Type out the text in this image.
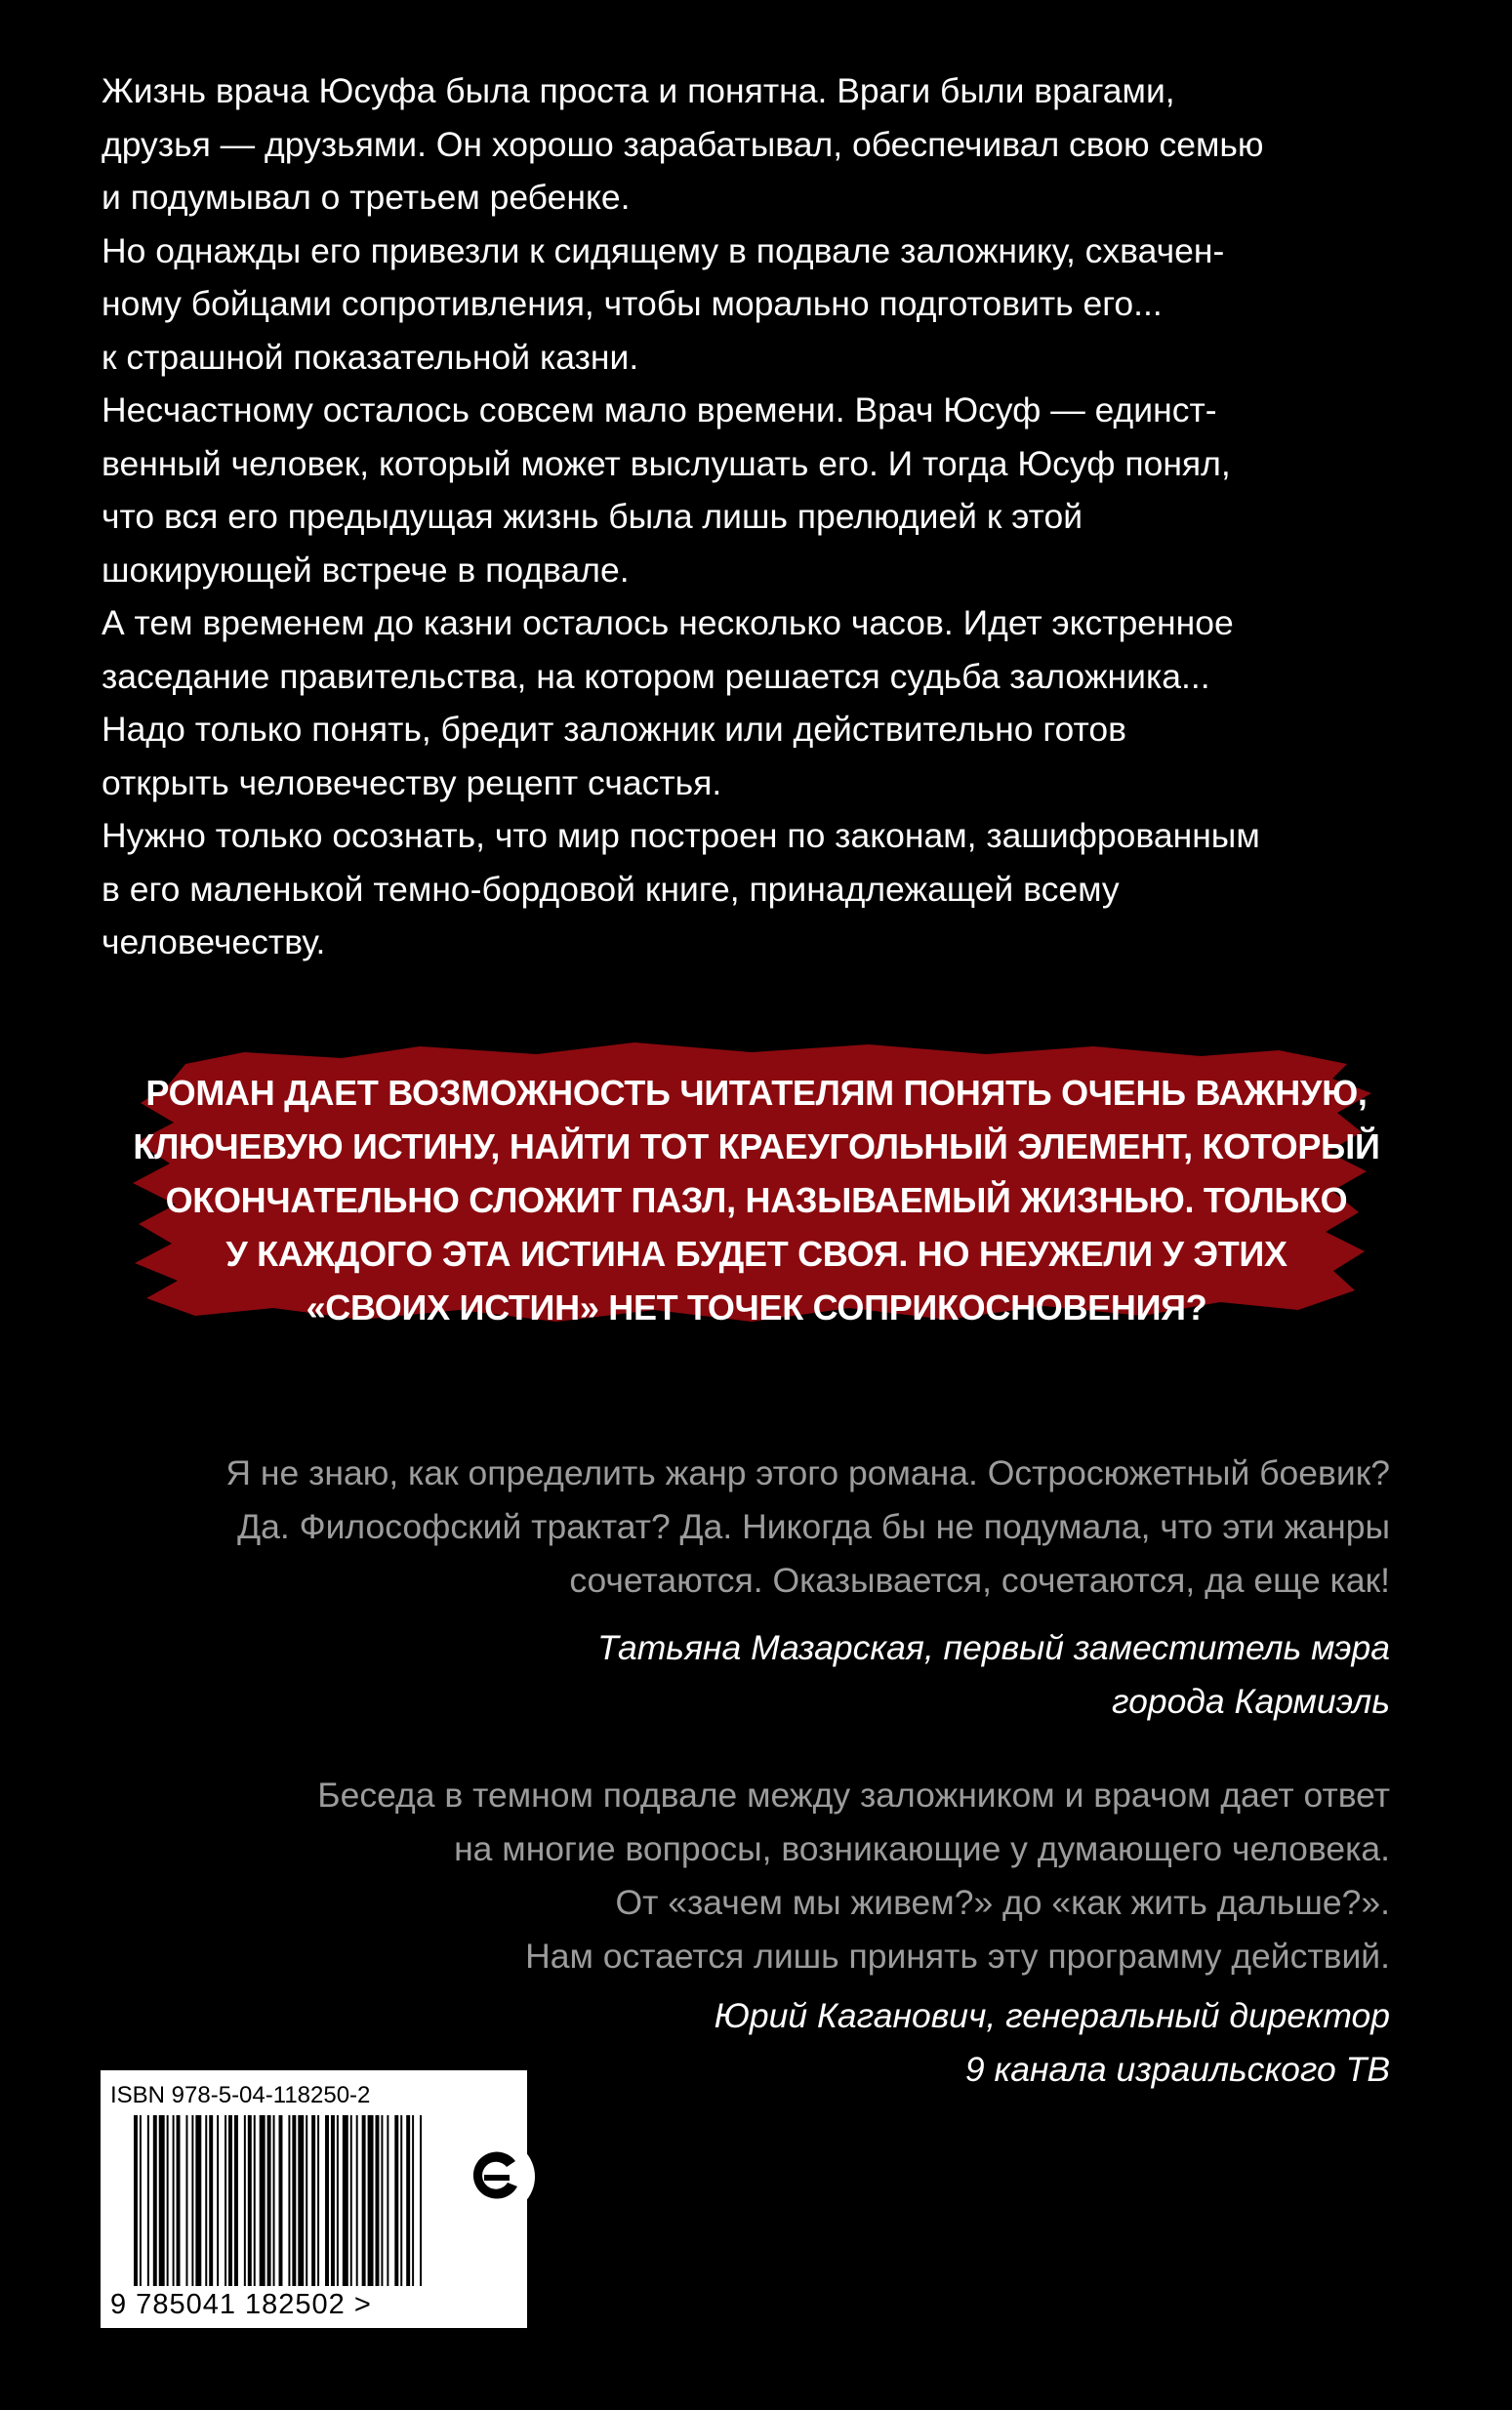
Жизнь врача Юсуфа была проста и понятна. Враги были врагами,
друзья — друзьями. Он хорошо зарабатывал, обеспечивал свою семью
и подумывал о третьем ребенке.
Но однажды его привезли к сидящему в подвале заложнику, схвачен-
ному бойцами сопротивления, чтобы морально подготовить его...
к страшной показательной казни.
Несчастному осталось совсем мало времени. Врач Юсуф — единст-
венный человек, который может выслушать его. И тогда Юсуф понял,
что вся его предыдущая жизнь была лишь прелюдией к этой
шокирующей встрече в подвале.
А тем временем до казни осталось несколько часов. Идет экстренное
заседание правительства, на котором решается судьба заложника...
Надо только понять, бредит заложник или действительно готов
открыть человечеству рецепт счастья.
Нужно только осознать, что мир построен по законам, зашифрованным
в его маленькой темно-бордовой книге, принадлежащей всему
человечеству.
РОМАН ДАЕТ ВОЗМОЖНОСТЬ ЧИТАТЕЛЯМ ПОНЯТЬ ОЧЕНЬ ВАЖНУЮ,
КЛЮЧЕВУЮ ИСТИНУ, НАЙТИ ТОТ КРАЕУГОЛЬНЫЙ ЭЛЕМЕНТ, КОТОРЫЙ
ОКОНЧАТЕЛЬНО СЛОЖИТ ПАЗЛ, НАЗЫВАЕМЫЙ ЖИЗНЬЮ. ТОЛЬКО
У КАЖДОГО ЭТА ИСТИНА БУДЕТ СВОЯ. НО НЕУЖЕЛИ У ЭТИХ
«СВОИХ ИСТИН» НЕТ ТОЧЕК СОПРИКОСНОВЕНИЯ?
Я не знаю, как определить жанр этого романа. Остросюжетный боевик?
Да. Философский трактат? Да. Никогда бы не подумала, что эти жанры
сочетаются. Оказывается, сочетаются, да еще как!
Татьяна Мазарская, первый заместитель мэра
города Кармиэль
Беседа в темном подвале между заложником и врачом дает ответ
на многие вопросы, возникающие у думающего человека.
От «зачем мы живем?» до «как жить дальше?».
Нам остается лишь принять эту программу действий.
Юрий Каганович, генеральный директор
9 канала израильского ТВ
ISBN 978-5-04-118250-2
9 785041 182502 >
